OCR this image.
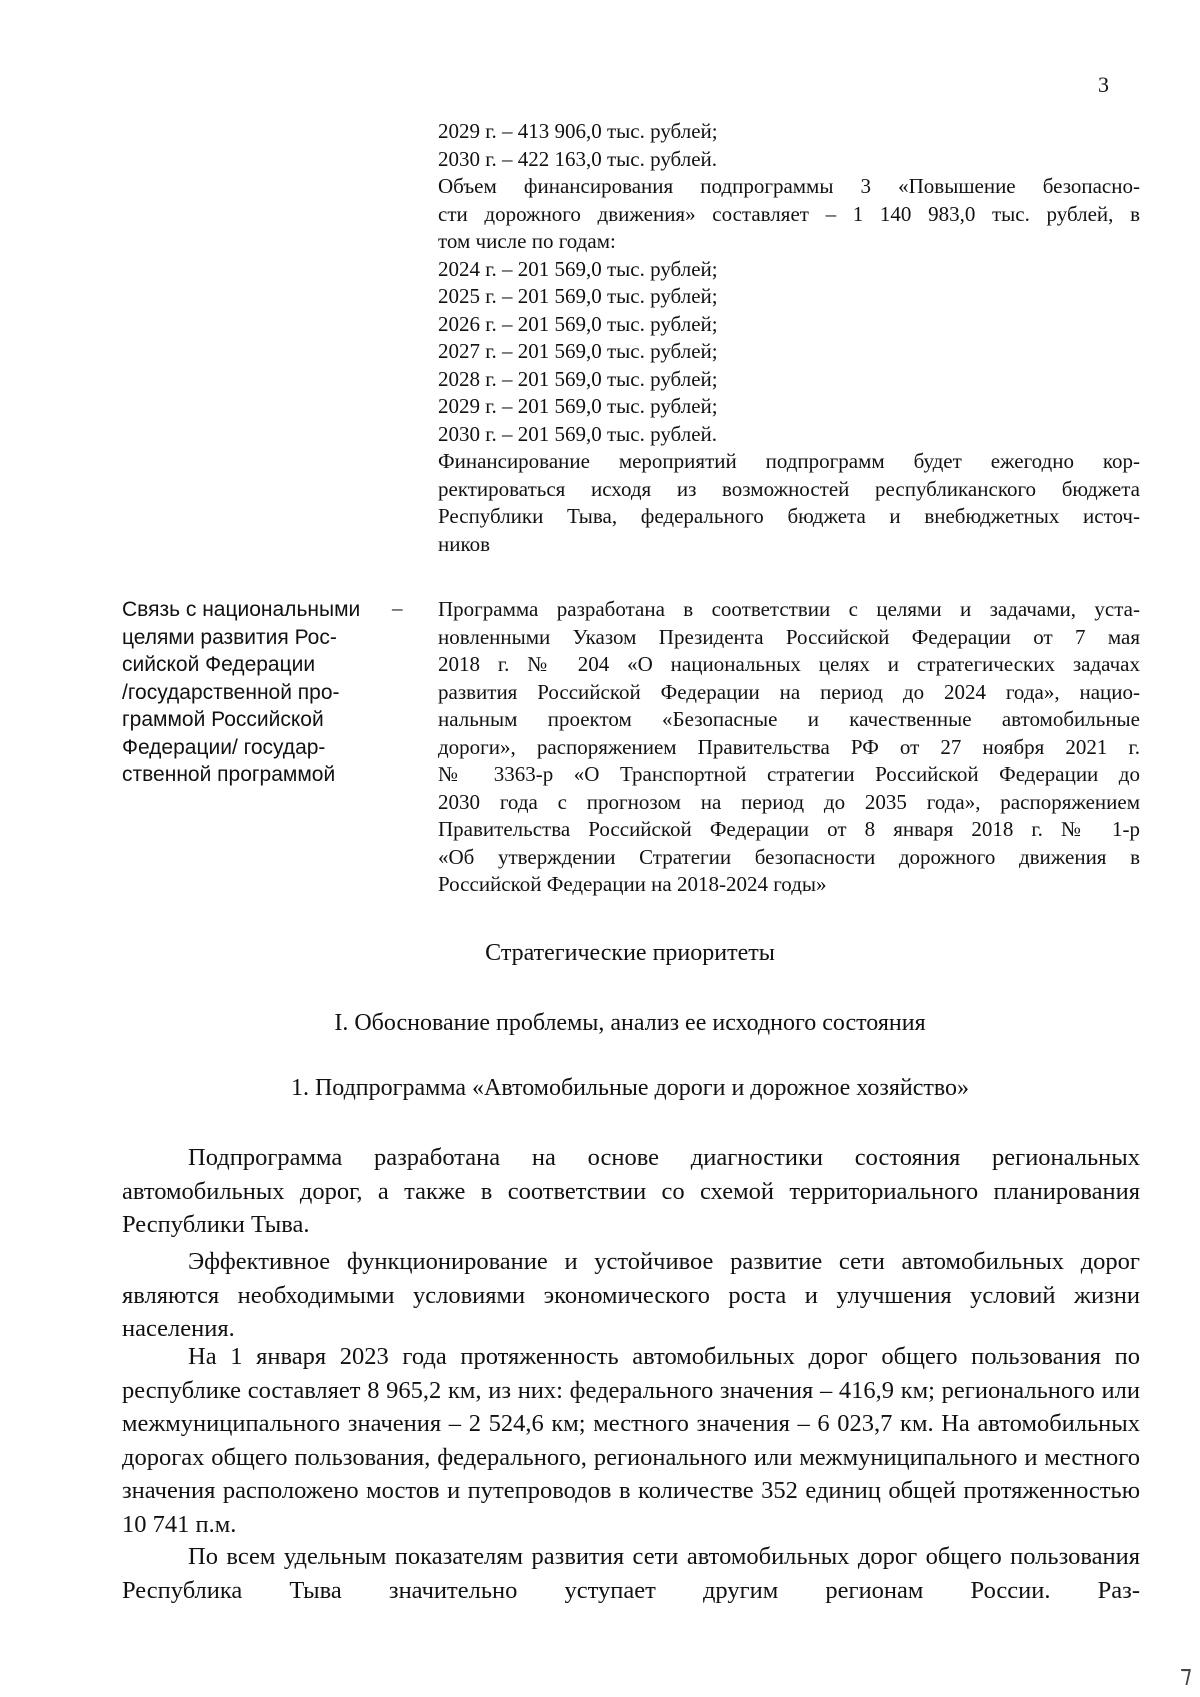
3
2029 г. – 413 906,0 тыс. рублей;
2030 г. – 422 163,0 тыс. рублей.
Объем финансирования подпрограммы 3 «Повышение безопасно-
сти дорожного движения» составляет – 1 140 983,0 тыс. рублей, в
том числе по годам:
2024 г. – 201 569,0 тыс. рублей;
2025 г. – 201 569,0 тыс. рублей;
2026 г. – 201 569,0 тыс. рублей;
2027 г. – 201 569,0 тыс. рублей;
2028 г. – 201 569,0 тыс. рублей;
2029 г. – 201 569,0 тыс. рублей;
2030 г. – 201 569,0 тыс. рублей.
Финансирование мероприятий подпрограмм будет ежегодно кор-
ректироваться исходя из возможностей республиканского бюджета
Республики Тыва, федерального бюджета и внебюджетных источ-
ников
Связь с национальными
целями развития Рос-
сийской Федерации
/государственной про-
граммой Российской
Федерации/ государ-
ственной программой
– Программа разработана в соответствии с целями и задачами, уста-
новленными Указом Президента Российской Федерации от 7 мая
2018 г. № 204 «О национальных целях и стратегических задачах
развития Российской Федерации на период до 2024 года», нацио-
нальным проектом «Безопасные и качественные автомобильные
дороги», распоряжением Правительства РФ от 27 ноября 2021 г.
№ 3363-р «О Транспортной стратегии Российской Федерации до
2030 года с прогнозом на период до 2035 года», распоряжением
Правительства Российской Федерации от 8 января 2018 г. № 1-р
«Об утверждении Стратегии безопасности дорожного движения в
Российской Федерации на 2018-2024 годы»
Стратегические приоритеты
I. Обоснование проблемы, анализ ее исходного состояния
1. Подпрограмма «Автомобильные дороги и дорожное хозяйство»

Подпрограмма разработана на основе диагностики состояния региональных автомобильных дорог, а также в соответствии со схемой территориального планирования Республики Тыва.

Эффективное функционирование и устойчивое развитие сети автомобильных дорог являются необходимыми условиями экономического роста и улучшения условий жизни населения.

На 1 января 2023 года протяженность автомобильных дорог общего пользования по республике составляет 8 965,2 км, из них: федерального значения – 416,9 км; регионального или межмуниципального значения – 2 524,6 км; местного значения – 6 023,7 км. На автомобильных дорогах общего пользования, федерального, регионального или межмуниципального и местного значения расположено мостов и путепроводов в количестве 352 единиц общей протяженностью 10 741 п.м.

По всем удельным показателям развития сети автомобильных дорог общего пользования Республика Тыва значительно уступает другим регионам России. Раз-

⁊
